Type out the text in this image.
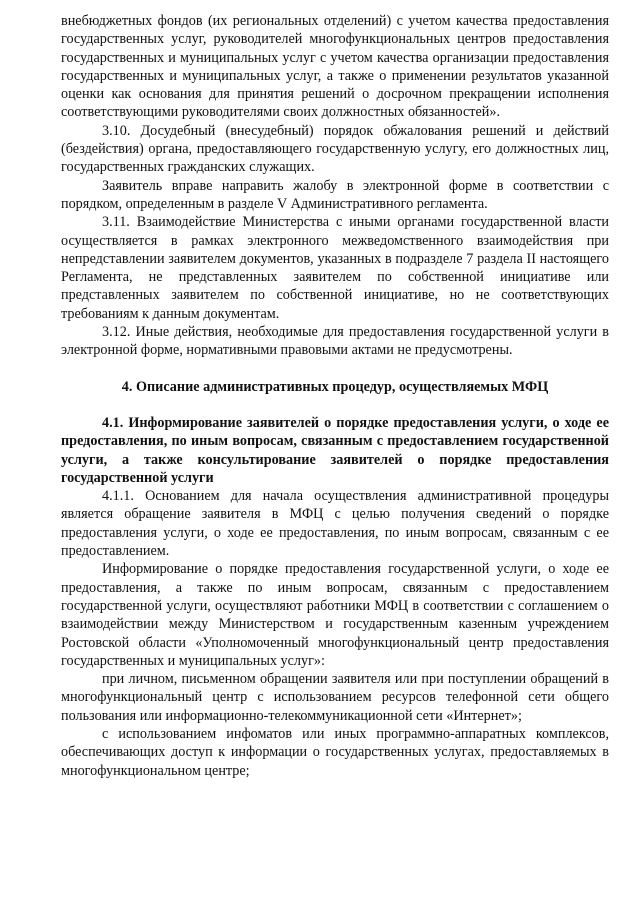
внебюджетных фондов (их региональных отделений) с учетом качества предоставления государственных услуг, руководителей многофункциональных центров предоставления государственных и муниципальных услуг с учетом качества организации предоставления государственных и муниципальных услуг, а также о применении результатов указанной оценки как основания для принятия решений о досрочном прекращении исполнения соответствующими руководителями своих должностных обязанностей».

3.10. Досудебный (внесудебный) порядок обжалования решений и действий (бездействия) органа, предоставляющего государственную услугу, его должностных лиц, государственных гражданских служащих.

Заявитель вправе направить жалобу в электронной форме в соответствии с порядком, определенным в разделе V Административного регламента.

3.11. Взаимодействие Министерства с иными органами государственной власти осуществляется в рамках электронного межведомственного взаимодействия при непредставлении заявителем документов, указанных в подразделе 7 раздела II настоящего Регламента, не представленных заявителем по собственной инициативе или представленных заявителем по собственной инициативе, но не соответствующих требованиям к данным документам.

3.12. Иные действия, необходимые для предоставления государственной услуги в электронной форме, нормативными правовыми актами не предусмотрены.

4. Описание административных процедур, осуществляемых МФЦ

4.1. Информирование заявителей о порядке предоставления услуги, о ходе ее предоставления, по иным вопросам, связанным с предоставлением государственной услуги, а также консультирование заявителей о порядке предоставления государственной услуги

4.1.1. Основанием для начала осуществления административной процедуры является обращение заявителя в МФЦ с целью получения сведений о порядке предоставления услуги, о ходе ее предоставления, по иным вопросам, связанным с ее предоставлением.

Информирование о порядке предоставления государственной услуги, о ходе ее предоставления, а также по иным вопросам, связанным с предоставлением государственной услуги, осуществляют работники МФЦ в соответствии с соглашением о взаимодействии между Министерством и государственным казенным учреждением Ростовской области «Уполномоченный многофункциональный центр предоставления государственных и муниципальных услуг»:

при личном, письменном обращении заявителя или при поступлении обращений в многофункциональный центр с использованием ресурсов телефонной сети общего пользования или информационно-телекоммуникационной сети «Интернет»;

с использованием инфоматов или иных программно-аппаратных комплексов, обеспечивающих доступ к информации о государственных услугах, предоставляемых в многофункциональном центре;
